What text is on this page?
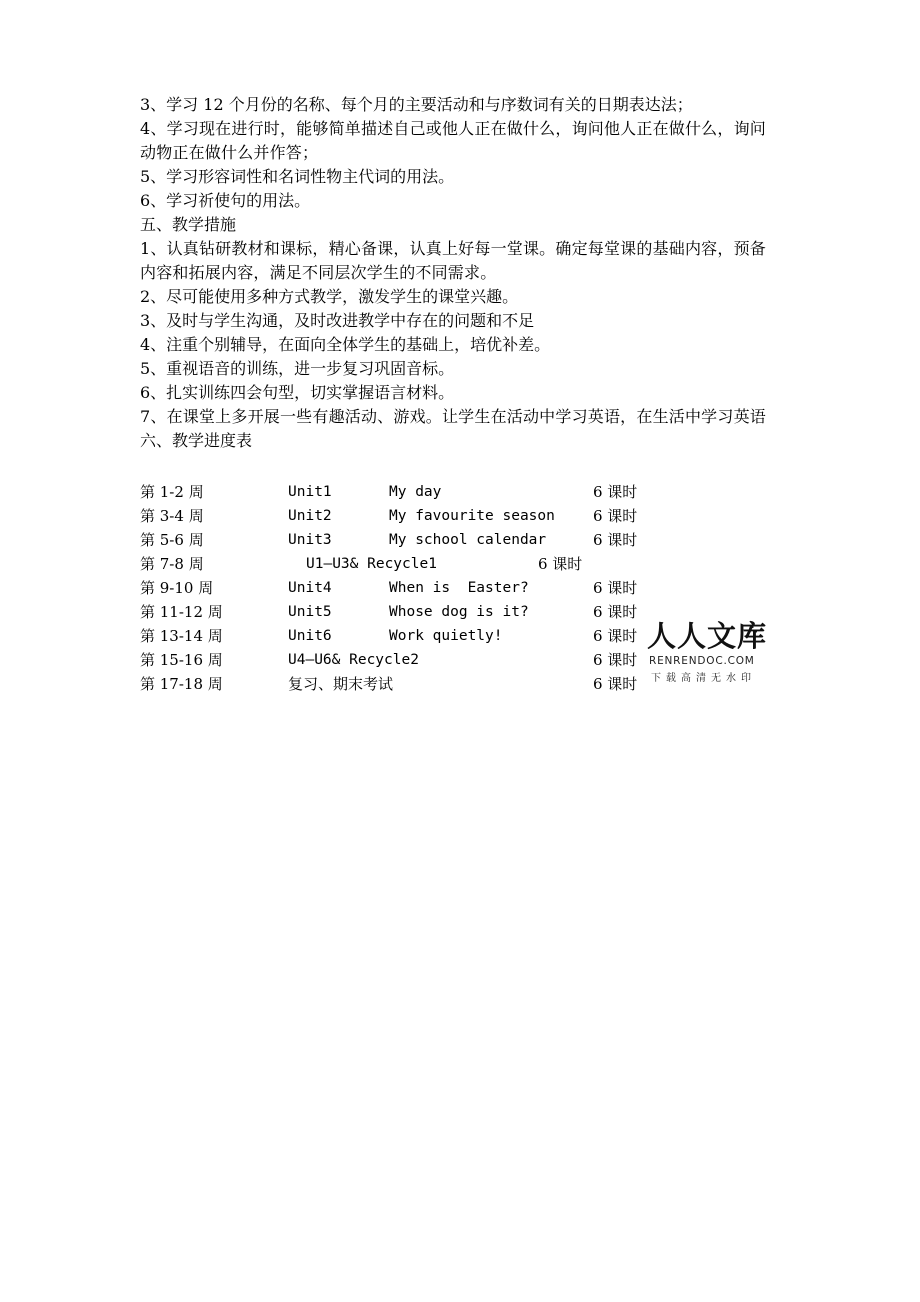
3、学习 12 个月份的名称、每个月的主要活动和与序数词有关的日期表达法；

4、学习现在进行时，能够简单描述自己或他人正在做什么，询问他人正在做什么，询问动物正在做什么并作答；

5、学习形容词性和名词性物主代词的用法。

6、学习祈使句的用法。

五、教学措施

1、认真钻研教材和课标，精心备课，认真上好每一堂课。确定每堂课的基础内容，预备内容和拓展内容，满足不同层次学生的不同需求。

2、尽可能使用多种方式教学，激发学生的课堂兴趣。

3、及时与学生沟通，及时改进教学中存在的问题和不足

4、注重个别辅导，在面向全体学生的基础上，培优补差。

5、重视语音的训练，进一步复习巩固音标。

6、扎实训练四会句型，切实掌握语言材料。

7、在课堂上多开展一些有趣活动、游戏。让学生在活动中学习英语，在生活中学习英语

六、教学进度表

第 1-2 周	Unit1	My day	6 课时
第 3-4 周	Unit2	My favourite season	6 课时
第 5-6 周	Unit3	My school calendar	6 课时
第 7-8 周	U1—U3& Recycle1	6 课时
第 9-10 周	Unit4	When is  Easter?	6 课时
第 11-12 周	Unit5	Whose dog is it?	6 课时
第 13-14 周	Unit6	Work quietly!	6 课时
第 15-16 周	U4—U6& Recycle2	6 课时
第 17-18 周	复习、期末考试	6 课时
人人文库
RENRENDOC.COM
下载高清无水印
